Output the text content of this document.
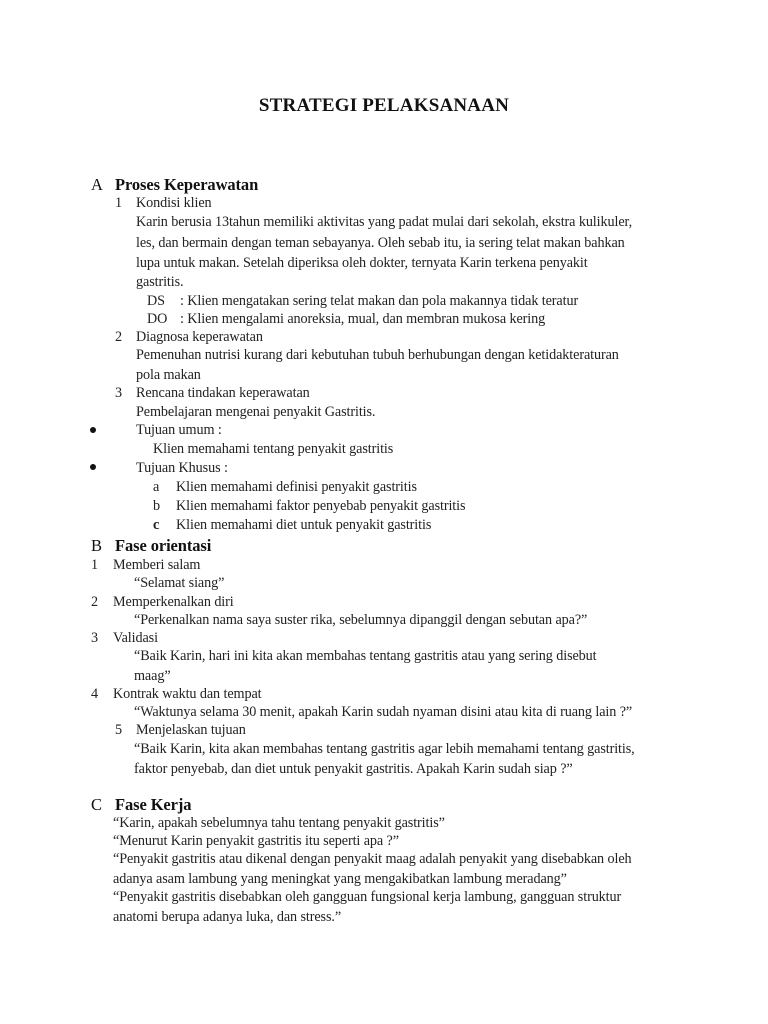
STRATEGI PELAKSANAAN
A Proses Keperawatan
1 Kondisi klien
Karin berusia 13tahun memiliki aktivitas yang padat mulai dari sekolah, ekstra kulikuler,
les, dan bermain dengan teman sebayanya. Oleh sebab itu, ia sering telat makan bahkan
lupa untuk makan. Setelah diperiksa oleh dokter, ternyata Karin terkena penyakit
gastritis.
DS : Klien mengatakan sering telat makan dan pola makannya tidak teratur
DO : Klien mengalami anoreksia, mual, dan membran mukosa kering
2 Diagnosa keperawatan
Pemenuhan nutrisi kurang dari kebutuhan tubuh berhubungan dengan ketidakteraturan
pola makan
3 Rencana tindakan keperawatan
Pembelajaran mengenai penyakit Gastritis.
Tujuan umum :
Klien memahami tentang penyakit gastritis
Tujuan Khusus :
a Klien memahami definisi penyakit gastritis
b Klien memahami faktor penyebab penyakit gastritis
c Klien memahami diet untuk penyakit gastritis
B Fase orientasi
1 Memberi salam
“Selamat siang”
2 Memperkenalkan diri
“Perkenalkan nama saya suster rika, sebelumnya dipanggil dengan sebutan apa?”
3 Validasi
“Baik Karin, hari ini kita akan membahas tentang gastritis atau yang sering disebut
maag”
4 Kontrak waktu dan tempat
“Waktunya selama 30 menit, apakah Karin sudah nyaman disini atau kita di ruang lain ?”
5 Menjelaskan tujuan
“Baik Karin, kita akan membahas tentang gastritis agar lebih memahami tentang gastritis,
faktor penyebab, dan diet untuk penyakit gastritis. Apakah Karin sudah siap ?”
C Fase Kerja
“Karin, apakah sebelumnya tahu tentang penyakit gastritis”
“Menurut Karin penyakit gastritis itu seperti apa ?”
“Penyakit gastritis atau dikenal dengan penyakit maag adalah penyakit yang disebabkan oleh
adanya asam lambung yang meningkat yang mengakibatkan lambung meradang”
“Penyakit gastritis disebabkan oleh gangguan fungsional kerja lambung, gangguan struktur
anatomi berupa adanya luka, dan stress.”
